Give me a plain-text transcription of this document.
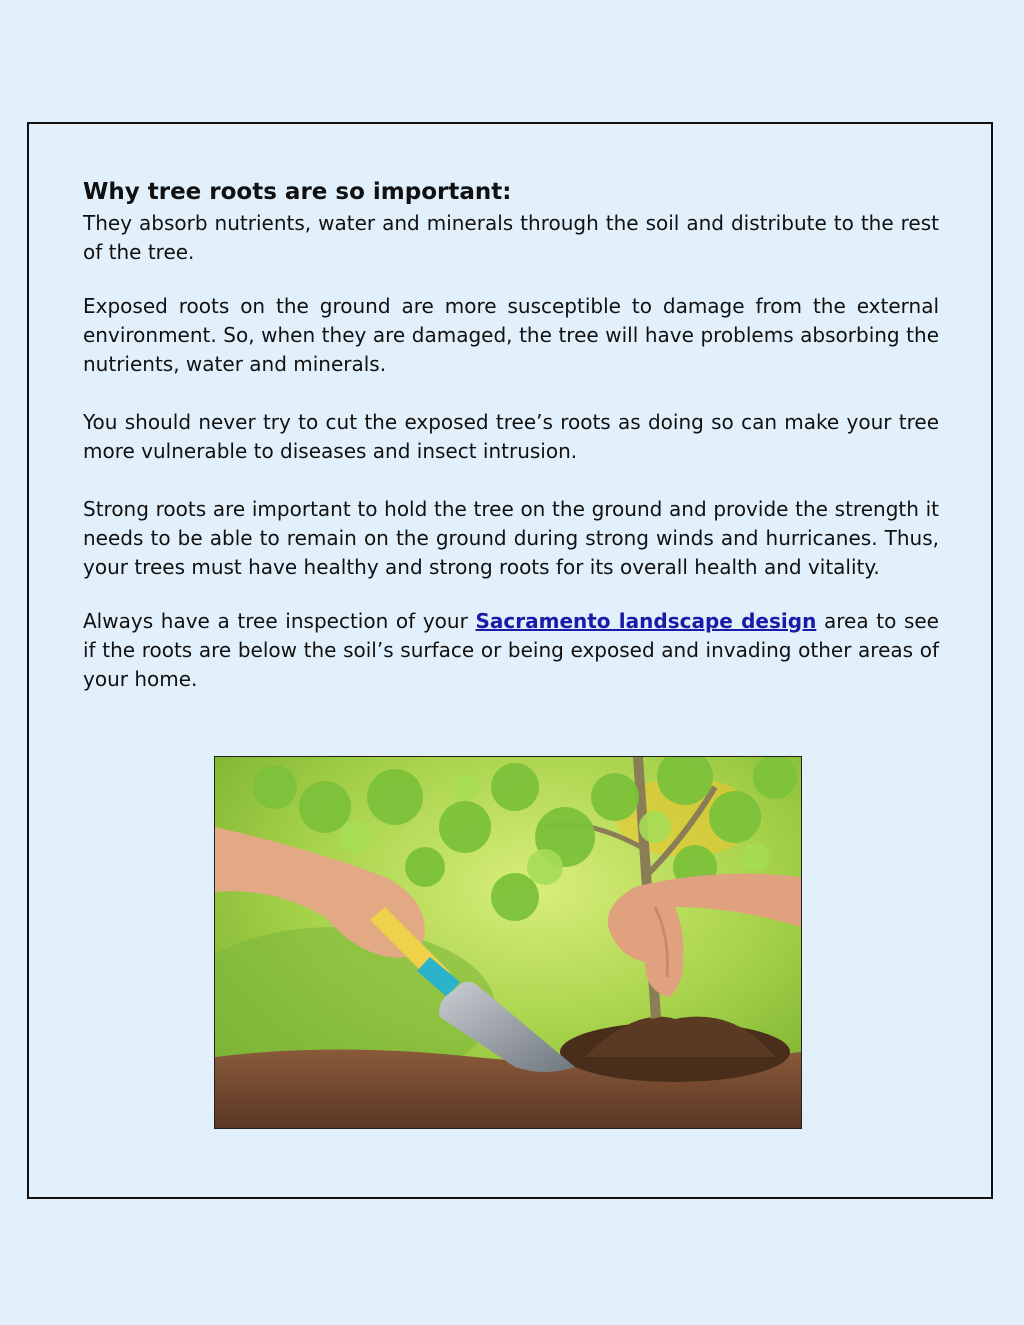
Why tree roots are so important:

They absorb nutrients, water and minerals through the soil and distribute to the rest of the tree.

Exposed roots on the ground are more susceptible to damage from the external environment. So, when they are damaged, the tree will have problems absorbing the nutrients, water and minerals.

You should never try to cut the exposed tree’s roots as doing so can make your tree more vulnerable to diseases and insect intrusion.

Strong roots are important to hold the tree on the ground and provide the strength it needs to be able to remain on the ground during strong winds and hurricanes. Thus, your trees must have healthy and strong roots for its overall health and vitality.

Always have a tree inspection of your Sacramento landscape design area to see if the roots are below the soil’s surface or being exposed and invading other areas of your home.
